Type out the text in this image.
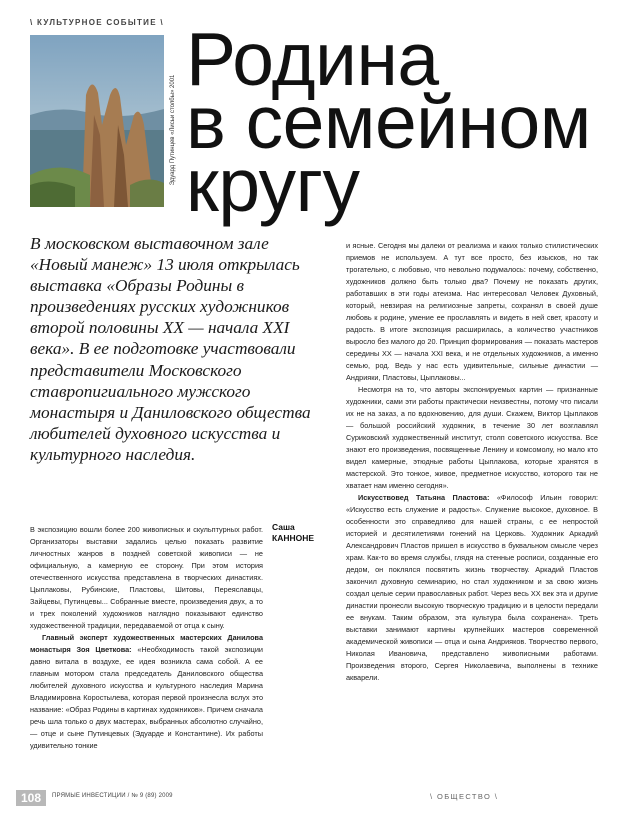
\ КУЛЬТУРНОЕ СОБЫТИЕ \
Эдуард Путинцев «Лисьи столбы» 2001
Родина
в семейном
кругу
В московском выставочном зале «Новый манеж» 13 июля открылась выставка «Образы Родины в произведениях русских художников второй половины XX — начала XXI века». В ее подготовке участвовали представители Московского ставропигиального мужского монастыря и Даниловского общества любителей духовного искусства и культурного наследия.
Саша
КАННОНЕ

В экспозицию вошли более 200 живописных и скульптурных работ. Организаторы выставки задались целью показать развитие личностных жанров в поздней советской живописи — не официальную, а камерную ее сторону. При этом история отечественного искусства представлена в творческих династиях. Цыплаковы, Рубинские, Пластовы, Шитовы, Переяславцы, Зайцевы, Путинцевы... Собранные вместе, произведения двух, а то и трех поколений художников наглядно показывают единство художественной традиции, передаваемой от отца к сыну.

Главный эксперт художественных мастерских Данилова монастыря Зоя Цветкова: «Необходимость такой экспозиции давно витала в воздухе, ее идея возникла сама собой. А ее главным мотором стала председатель Даниловского общества любителей духовного искусства и культурного наследия Марина Владимировна Коростылева, которая первой произнесла вслух это название: «Образ Родины в картинах художников». Причем сначала речь шла только о двух мастерах, выбранных абсолютно случайно, — отце и сыне Путинцевых (Эдуарде и Константине). Их работы удивительно тонкие

и ясные. Сегодня мы далеки от реализма и каких только стилистических приемов не используем. А тут все просто, без изысков, но так трогательно, с любовью, что невольно подумалось: почему, собственно, художников должно быть только два? Почему не показать других, работавших в эти годы атеизма. Нас интересовал Человек Духовный, который, невзирая на религиозные запреты, сохранял в своей душе любовь к родине, умение ее прославлять и видеть в ней свет, красоту и радость. В итоге экспозиция расширилась, а количество участников выросло без малого до 20. Принцип формирования — показать мастеров середины XX — начала XXI века, и не отдельных художников, а именно семью, род. Ведь у нас есть удивительные, сильные династии — Андрияки, Пластовы, Цыплаковы...

Несмотря на то, что авторы экспонируемых картин — признанные художники, сами эти работы практически неизвестны, потому что писали их не на заказ, а по вдохновению, для души. Скажем, Виктор Цыплаков — большой российский художник, в течение 30 лет возглавлял Суриковский художественный институт, столп советского искусства. Все знают его произведения, посвященные Ленину и комсомолу, но мало кто видел камерные, этюдные работы Цыплакова, которые хранятся в мастерской. Это тонкое, живое, предметное искусство, которого так не хватает нам именно сегодня».

Искусствовед Татьяна Пластова: «Философ Ильин говорил: «Искусство есть служение и радость». Служение высокое, духовное. В особенности это справедливо для нашей страны, с ее непростой историей и десятилетиями гонений на Церковь. Художник Аркадий Александрович Пластов пришел в искусство в буквальном смысле через храм. Как-то во время службы, глядя на стенные росписи, созданные его дедом, он поклялся посвятить жизнь творчеству. Аркадий Пластов закончил духовную семинарию, но стал художником и за свою жизнь создал целые серии православных работ. Через весь XX век эта и другие династии пронесли высокую творческую традицию и в целости передали ее внукам. Таким образом, эта культура была сохранена». Треть выставки занимают картины крупнейших мастеров современной академической живописи — отца и сына Андрияков. Творчество первого, Николая Ивановича, представлено живописными работами. Произведения второго, Сергея Николаевича, выполнены в технике акварели.

108	ПРЯМЫЕ ИНВЕСТИЦИИ / № 9 (89) 2009	\ ОБЩЕСТВО \
